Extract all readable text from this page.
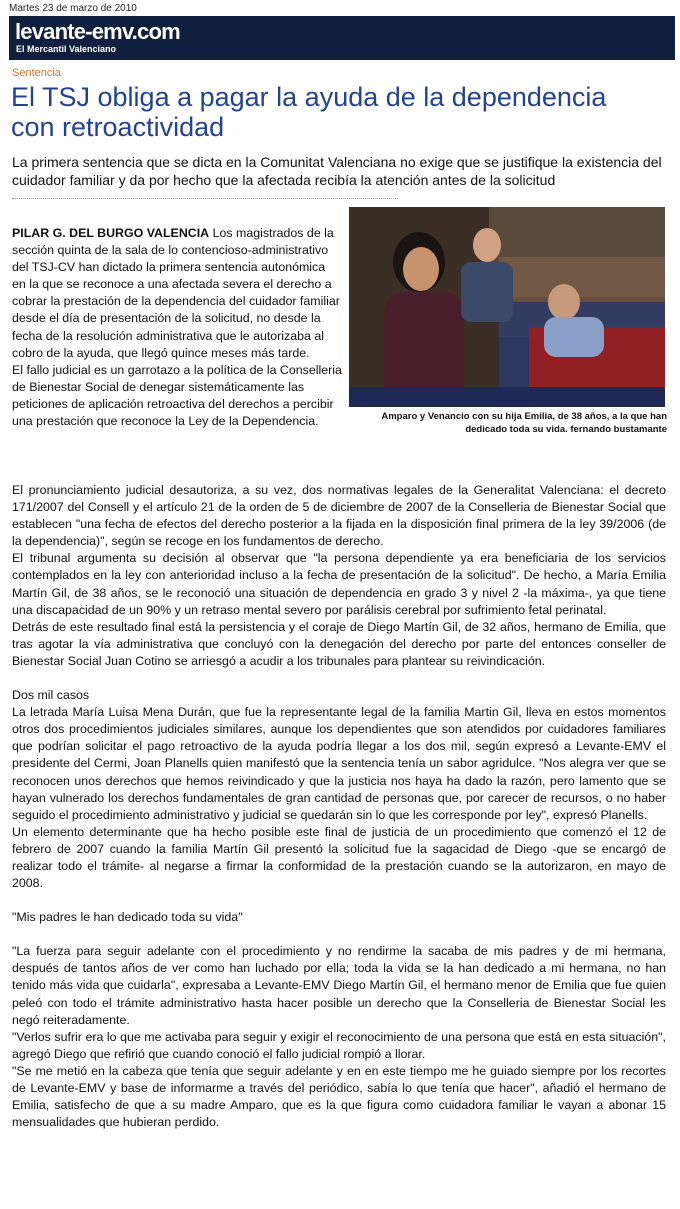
Martes 23 de marzo de 2010
levante-emv.com
El Mercantil Valenciano
Sentencia
El TSJ obliga a pagar la ayuda de la dependencia con retroactividad
La primera sentencia que se dicta en la Comunitat Valenciana no exige que se justifique la existencia del cuidador familiar y da por hecho que la afectada recibía la atención antes de la solicitud
Amparo y Venancio con su hija Emilia, de 38 años, a la que han dedicado toda su vida. fernando bustamante

PILAR G. DEL BURGO VALENCIA Los magistrados de la sección quinta de la sala de lo contencioso-administrativo del TSJ-CV han dictado la primera sentencia autonómica en la que se reconoce a una afectada severa el derecho a cobrar la prestación de la dependencia del cuidador familiar desde el día de presentación de la solicitud, no desde la fecha de la resolución administrativa que le autorizaba al cobro de la ayuda, que llegó quince meses más tarde.

El fallo judicial es un garrotazo a la política de la Conselleria de Bienestar Social de denegar sistemáticamente las peticiones de aplicación retroactiva del derechos a percibir una prestación que reconoce la Ley de la Dependencia.

El pronunciamiento judicial desautoriza, a su vez, dos normativas legales de la Generalitat Valenciana: el decreto 171/2007 del Consell y el artículo 21 de la orden de 5 de diciembre de 2007 de la Conselleria de Bienestar Social que establecen "una fecha de efectos del derecho posterior a la fijada en la disposición final primera de la ley 39/2006 (de la dependencia)", según se recoge en los fundamentos de derecho.

El tribunal argumenta su decisión al observar que "la persona dependiente ya era beneficiaria de los servicios contemplados en la ley con anterioridad incluso a la fecha de presentación de la solicitud". De hecho, a María Emilia Martín Gil, de 38 años, se le reconoció una situación de dependencia en grado 3 y nivel 2 -la máxima-, ya que tiene una discapacidad de un 90% y un retraso mental severo por parálisis cerebral por sufrimiento fetal perinatal.

Detrás de este resultado final está la persistencia y el coraje de Diego Martín Gil, de 32 años, hermano de Emilia, que tras agotar la vía administrativa que concluyó con la denegación del derecho por parte del entonces conseller de Bienestar Social Juan Cotino se arriesgó a acudir a los tribunales para plantear su reivindicación.

Dos mil casos

La letrada María Luisa Mena Durán, que fue la representante legal de la familia Martin Gil, lleva en estos momentos otros dos procedimientos judiciales similares, aunque los dependientes que son atendidos por cuidadores familiares que podrían solicitar el pago retroactivo de la ayuda podría llegar a los dos mil, según expresó a Levante-EMV el presidente del Cermi, Joan Planells quien manifestó que la sentencia tenía un sabor agridulce. "Nos alegra ver que se reconocen unos derechos que hemos reivindicado y que la justicia nos haya ha dado la razón, pero lamento que se hayan vulnerado los derechos fundamentales de gran cantidad de personas que, por carecer de recursos, o no haber seguido el procedimiento administrativo y judicial se quedarán sin lo que les corresponde por ley", expresó Planells.

Un elemento determinante que ha hecho posible este final de justicia de un procedimiento que comenzó el 12 de febrero de 2007 cuando la familia Martín Gil presentó la solicitud fue la sagacidad de Diego -que se encargó de realizar todo el trámite- al negarse a firmar la conformidad de la prestación cuando se la autorizaron, en mayo de 2008.

"Mis padres le han dedicado toda su vida"

"La fuerza para seguir adelante con el procedimiento y no rendirme la sacaba de mis padres y de mi hermana, después de tantos años de ver como han luchado por ella; toda la vida se la han dedicado a mi hermana, no han tenido más vida que cuidarla", expresaba a Levante-EMV Diego Martín Gil, el hermano menor de Emilia que fue quien peleó con todo el trámite administrativo hasta hacer posible un derecho que la Conselleria de Bienestar Social les negó reiteradamente.

"Verlos sufrir era lo que me activaba para seguir y exigir el reconocimiento de una persona que está en esta situación", agregó Diego que refirió que cuando conoció el fallo judicial rompió a llorar.

"Se me metió en la cabeza que tenía que seguir adelante y en en este tiempo me he guiado siempre por los recortes de Levante-EMV y base de informarme a través del periódico, sabía lo que tenía que hacer", añadió el hermano de Emilia, satisfecho de que a su madre Amparo, que es la que figura como cuidadora familiar le vayan a abonar 15 mensualidades que hubieran perdido.
